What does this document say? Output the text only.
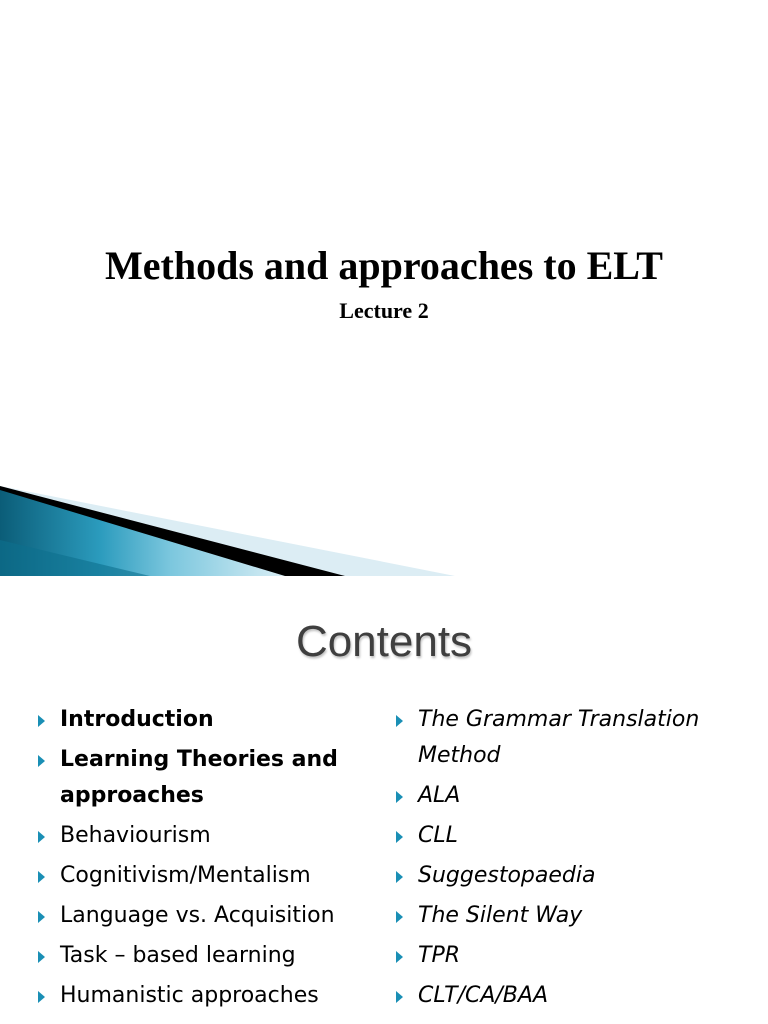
Methods and approaches to ELT
Lecture 2
Contents
Introduction
Learning Theories and approaches
Behaviourism
Cognitivism/Mentalism
Language vs. Acquisition
Task – based learning
Humanistic approaches
The Grammar Translation Method
ALA
CLL
Suggestopaedia
The Silent Way
TPR
CLT/CA/BAA
